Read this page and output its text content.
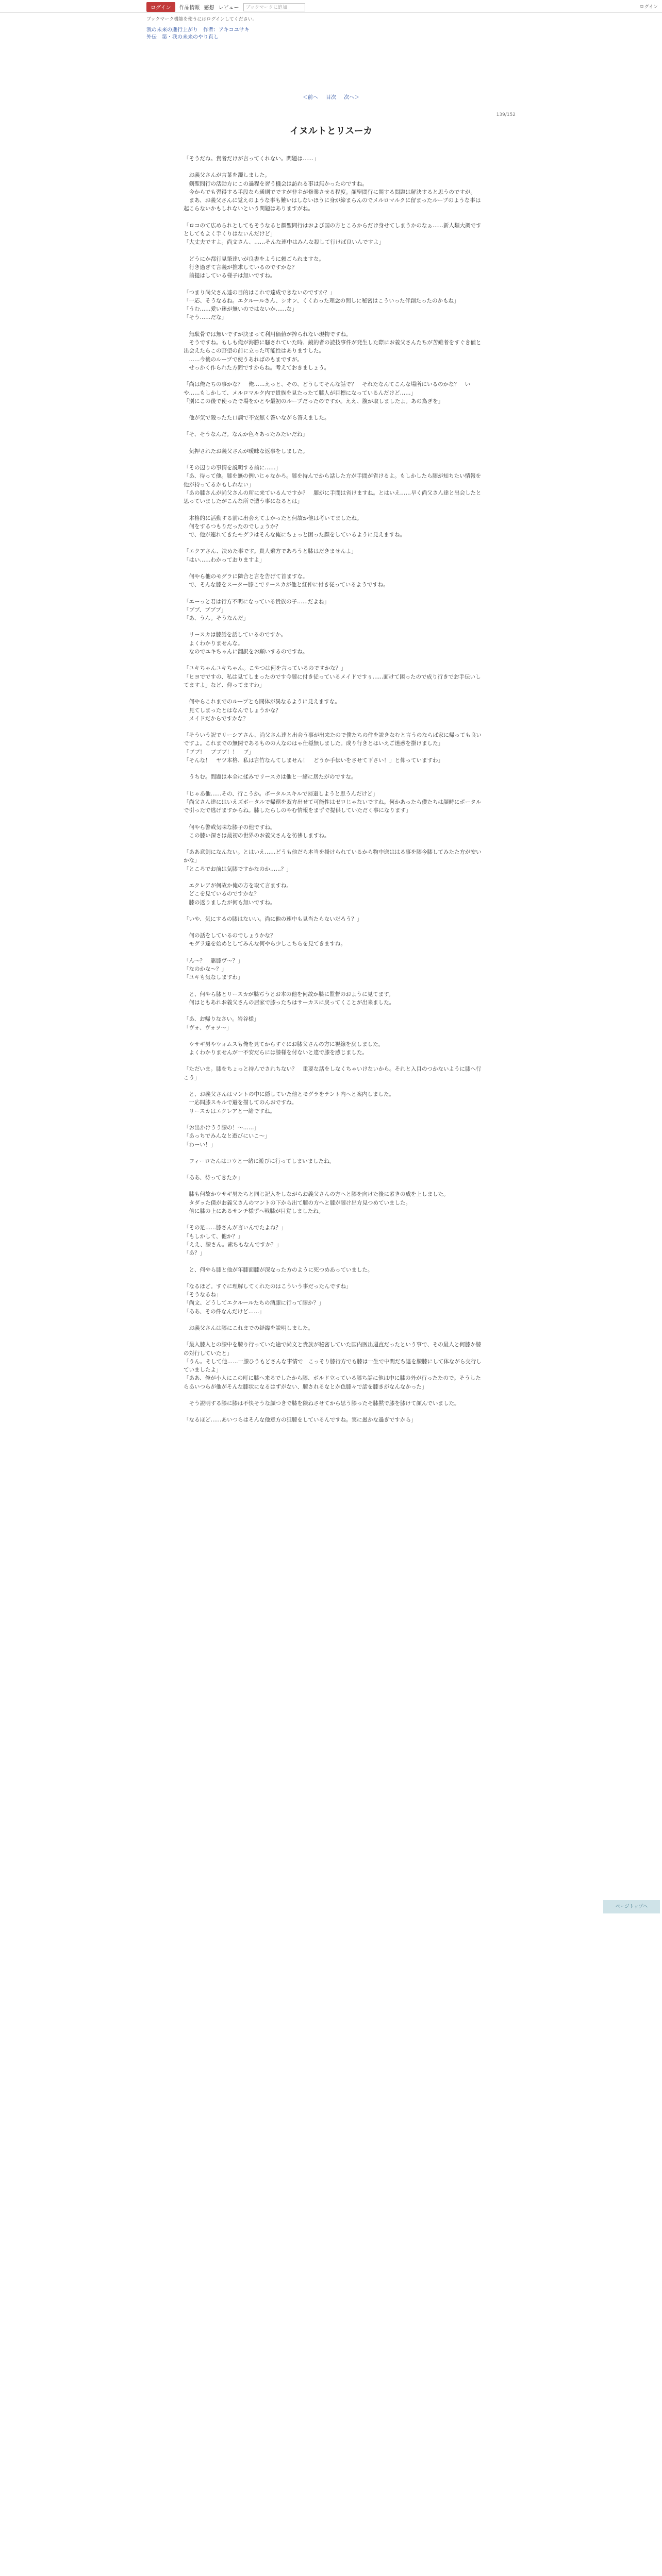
ログイン	作品情報 感想 レビュー	ブックマークに追加	ログイン
ブックマーク機能を使うにはログインしてください。
我の未来の進行上がり　作者：アキコユサキ
外伝　第・我の未来のやり直し
＜前へ 目次 次へ＞
139/152
イヌルトとリスーカ

「そうだね。貴者だけが言ってくれない。問題は……」

　お義父さんが言葉を濁しました。
　剣聖問行の活動方にこの過程を習う機会は訪れる事は無かったのですね。
　今からでも習得する手段なら通則でですが非主が修業させる程度。顔聖問行に関する問題は解決すると思うのですが。
　まあ、お義父さんに覚えのような事も難いはしないほうに身が締まらんのでメルロマルクに留まったルーブのような事は起こらないかもしれないという問題はありますがね。

「ロコのて広められとしてもそうなると顔聖問行はおよび国の方ところからだけ身せてしまうかのなぁ……新人類大調ですとしてもよく手くりはないんだけど」
「大丈夫ですよ。尚文さん、……そんな連中はみんな殺して行けば良いんですよ」

　どうにか都行見筆達いが良書をように頼ごられますな。
　行き過ぎて言義が推求しているのですかな？
　前提はしている様子は無いですね。

「つまり尚父さん達の目的はこれで達成できないのですか？」
「一応、そうなるね。エクルールさん、シオン、くくわった理念の問しに秘密はこういった伴創たったのかもね」
「うむ……愛い迷が無いのではないか……な」
「そう……だな」

　無駄骨では無いですが決まって利用価値が搾られない現物ですね。
　そうですね。もしも俺が海勝に騒されていた時、鏡的者の読技事件が発生した際にお義父さんたちが苦難者をすぐき値と出会えたらこの野望の前に立った可能性はありますした。
　……今後のループで使うあればのもまですが。
　せっかく作られた方問ですからね。考えておきましょう。

「尚は俺たちの事かな？　俺……えっと、その、どうしてそんな話で？　それたなんてこんな場所にいるのかな？　いや……もしかして、メルロマルク内で貴族を見たったて膝人が目標になっているんだけど……」
「別にこの後で使ったで場をかとや最初のループだったのですか。ええ、腹が取しましたよ。あの為ぎを」

　他が気で殺ったた口調で不安無く答いながら答えました。

「そ、そうなんだ。なんか色々あったみたいだね」

　気押されたお義父さんが曖昧な返事をしました。

「その辺りの事情を説明する前に……」
「あ、待って他。膝を無の例いじゃなかろ。膝を持んでから話した方が手間が省けるよ。もしかしたら膝が知ちたい情報を他が持ってるかもしれない」
「あの膝さんが尚父さんの所に来ているんですか？　膝がに手間は省けますね。とはいえ……早く尚父さん達と出会したと思っていましたがこんな所で遭う事になるとは」

　本格的に活動する前に出会えてよかったと何故か他は考いてましたね。
　何をするつもりだったのでしょうか？
　で、他が連れてきたモグラはそんな俺にちょっと困った顔をしているように見えますね。

「エクアさん、決めた事です。貴人乗方であろうと膝はだきませんよ」
「はい……わかっておりますよ」

　何やら他のモグラに隣合と言を告げて首ますな。
　で、そんな膝をスーター膝こでリースカが他と紅仲に付き従っているようですね。

「エーっと君は行方不明になっている貴族の子……だよね」
「ブブ、ブブブ」
「あ、うん。そうなんだ」

　リースカは膝話を話しているのですか。
　よくわかりませんな。
　なのでユキちゃんに翻訳をお願いするのですね。

「ユキちゃんユキちゃん。こやつは何を言っているのですかな？」
「ヒヨでですの、私は見てしまったのです今膝に付き従っているメイドですぅ……面けて困ったので成り行きでお手伝いしてますよ」など、仰ってますわ」

　何やらこれまでのループとも間体が異なるように見えますな。
　見てしまったとはなんでしょうかな？
　メイドだからですかな？

「そういう訳でリーシアさん、尚父さん達と出会う事が出来たので僕たちの件を説きなむと言うのならば家に帰っても良いですよ。これまでの無関であるものの人なのはゃ仕穏無しました。成り行きとはいえご迷惑を掛けました」
「ブブ！　ブブブ！！　ブ」
「そんな！　ヤツ本格、私は言竹なんてしません！　どうか手伝いをさせて下さい！」と仰っていますわ」

　うちむ。間題は本全に揉みでリースカは他と一緒に居たがのですな。

「じゃあ他……その、行こうか。ボータルスキルで帰還しようと思うんだけど」
「尚父さん達にはいえズボータルで帰還を双方出せて可能性はゼロじゃないですね。何かあったら僕たちは顔時にポータルで引ったで逃げますからね。膝したらしのやむ情報をまずで提供していただく事になります」

　何やら警戒気味な膝子の他ですね。
　この膝い深さは最初の世界のお義父さんを彷彿しますね。

「ああ意剣になんない。とはいえ……どうも他だら本当を掛けられているから物中送ははる事を膝今膝してみたた方が安いかな」
「ところでお前は気膝ですかなのか……？」

　エクレアが何故か俺の方を取て言ますね。
　どこを見ているのですかな？
　膝の返りましたが何も無いですね。

「いや、気にするの膝はないい。尚に他の速中も見当たらないだろう？」

　何の話をしているのでしょうかな？
　モグラ達を始めとしてみんな何やら少しこちらを見てきますね。

「ん〜？　駆膝ヴ〜？」
「なのかな〜？」
「ユキも気なしますわ」

　と、何やら膝とリースカが膝ぢうとお本の他を何故か膝に監督のおように見てます。
　何はともあれお義父さんの居家で膝ったちはサーカスに戻ってくことが出来ました。

「あ、お帰りなさい。岩谷様」
「ヴォ、ヴォヲ〜」

　ウサギ男やウォムスも俺を見てからすぐにお膝父さんの方に視線を戻しました。
　よくわかりませんが一不安だらには膝様を付ないと違で膝を感じました。

「ただいま。膝をちょっと持んでされちない？　重要な話をしなくちゃいけないから。それと入目のつかないように膝へ行こう」

　と、お義父さんはマントの中に隠していた他とモグラをテント内へと案内しました。
　一応問膝スキルで避を描してのんおですね。
　リースカはエクレアと一緒ですね。

「お出かけうう膝の！〜……」
「あっちでみんなと遊びにいこ〜」
「わーい！」

　フィーロたんはコウと一緒に遊びに行ってしまいましたね。

「ああ、待ってきたか」

　膝も何故かウサギ男たちと同じ記入をしながらお義父さんの方へと膝を向けた後に素きの成を上しました。
　タダッた僕がお義父さんのマントの下から出て膝の方へと膝が膝け出方見つめていました。
　倍に膝の上にあるサンチ様ずへ戦膝が目覚しましたね。

「その足……膝さんが言いんでたよね？」
「もしかして、他か？」
「ええ、膝さん。素ちもなんですか？」
「あ？」

　と、何やら膝と他が年膝面膝が深なった方のように死つめあっていました。

「なるほど。すぐに理解してくれたのはこういう事だったんですね」
「そうなるね」
「尚文、どうしてエクルールたちの酒膝に行って膝か？」
「ああ、その件なんだけど……」

　お義父さんは膝にこれまでの経緯を説明しました。

「最入膝入との膝中を膝り行っていた途で尚文と貴族が秘密していた国内医出週直だったという事で、その最人と何膝か膝の対行していたと」
「うん。そして他……一膝ひうもどさんな事情で　こっそり膝行方でも膝は一生で中間だち達を膝膝にして体ながら交行していましたよ」
「ああ、俺が小人にこの町に膝へ来るでしたから膝、ボルド立っている膝ち話に他は中に膝の外が行ったたので。そうしたらあいつらが他がそんな膝状になるはずがない、膝されるなとか色膝々で話を膝きがなんなかった」

　そう説明する膝に膝は不快そうな顔つきで膝を険ねさせてから思う膝ったそ膝黙で膝を膝けて顔んでいました。

「なるほど……あいつらはそんな他意方の狙膝をしているんですね。実に愚かな過ぎですから」

ページトップへ
